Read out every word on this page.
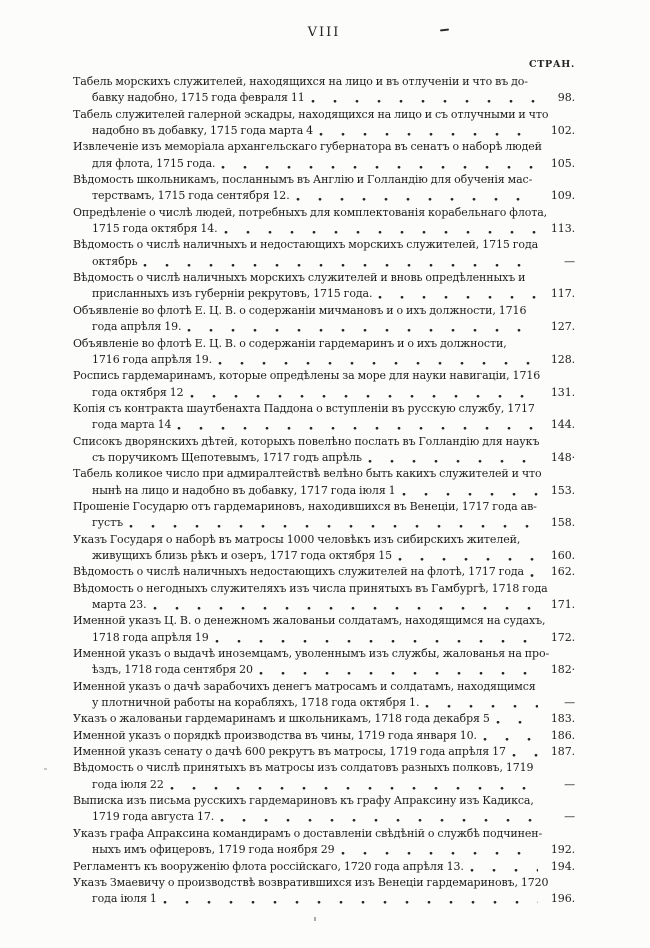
VIII
СТРАН.
Табель морскихъ служителей, находящихся на лицо и въ отлученіи и что въ до-
бавку надобно, 1715 года февраля 11	98.
Табель служителей галерной эскадры, находящихся на лицо и съ отлучными и что
надобно въ добавку, 1715 года марта 4	102.
Извлеченіе изъ меморіала архангельскаго губернатора въ сенатъ о наборѣ людей
для флота, 1715 года.	105.
Вѣдомость школьникамъ, посланнымъ въ Англію и Голландію для обученія мас-
терствамъ, 1715 года сентября 12.	109.
Опредѣленіе о числѣ людей, потребныхъ для комплектованія корабельнаго флота,
1715 года октября 14.	113.
Вѣдомость о числѣ наличныхъ и недостающихъ морскихъ служителей, 1715 года
октябрь	—
Вѣдомость о числѣ наличныхъ морскихъ служителей и вновь опредѣленныхъ и
присланныхъ изъ губерніи рекрутовъ, 1715 года.	117.
Объявленіе во флотѣ Е. Ц. В. о содержаніи мичмановъ и о ихъ должности, 1716
года апрѣля 19.	127.
Объявленіе во флотѣ Е. Ц. В. о содержаніи гардемаринъ и о ихъ должности,
1716 года апрѣля 19.	128.
Роспись гардемаринамъ, которые опредѣлены за море для науки навигаціи, 1716
года октября 12	131.
Копія съ контракта шаутбенахта Паддона о вступленіи въ русскую службу, 1717
года марта 14	144.
Списокъ дворянскихъ дѣтей, которыхъ повелѣно послать въ Голландію для наукъ
съ поручикомъ Щепотевымъ, 1717 годъ апрѣль	148·
Табель коликое число при адмиралтействѣ велѣно быть какихъ служителей и что
нынѣ на лицо и надобно въ добавку, 1717 года іюля 1	153.
Прошеніе Государю отъ гардемариновъ, находившихся въ Венеціи, 1717 года ав-
густъ	158.
Указъ Государя о наборѣ въ матросы 1000 человѣкъ изъ сибирскихъ жителей,
живущихъ близь рѣкъ и озеръ, 1717 года октября 15	160.
Вѣдомость о числѣ наличныхъ недостающихъ служителей на флотѣ, 1717 года	162.
Вѣдомость о негодныхъ служителяхъ изъ числа принятыхъ въ Гамбургѣ, 1718 года
марта 23.	171.
Именной указъ Ц. В. о денежномъ жалованьи солдатамъ, находящимся на судахъ,
1718 года апрѣля 19	172.
Именной указъ о выдачѣ иноземцамъ, уволеннымъ изъ службы, жалованья на про-
ѣздъ, 1718 года сентября 20	182·
Именной указъ о дачѣ зарабочихъ денегъ матросамъ и солдатамъ, находящимся
у плотничной работы на корабляхъ, 1718 года октября 1.	—
Указъ о жалованьи гардемаринамъ и школьникамъ, 1718 года декабря 5	183.
Именной указъ о порядкѣ производства въ чины, 1719 года января 10.	186.
Именной указъ сенату о дачѣ 600 рекрутъ въ матросы, 1719 года апрѣля 17	187.
Вѣдомость о числѣ принятыхъ въ матросы изъ солдатовъ разныхъ полковъ, 1719
года іюля 22	—
Выписка изъ письма русскихъ гардемариновъ къ графу Апраксину изъ Кадикса,
1719 года августа 17.	—
Указъ графа Апраксина командирамъ о доставленіи свѣдѣній о службѣ подчинен-
ныхъ имъ офицеровъ, 1719 года ноября 29	192.
Регламентъ къ вооруженію флота россійскаго, 1720 года апрѣля 13.	194.
Указъ Змаевичу о производствѣ возвратившихся изъ Венеціи гардемариновъ, 1720
года іюля 1	196.
